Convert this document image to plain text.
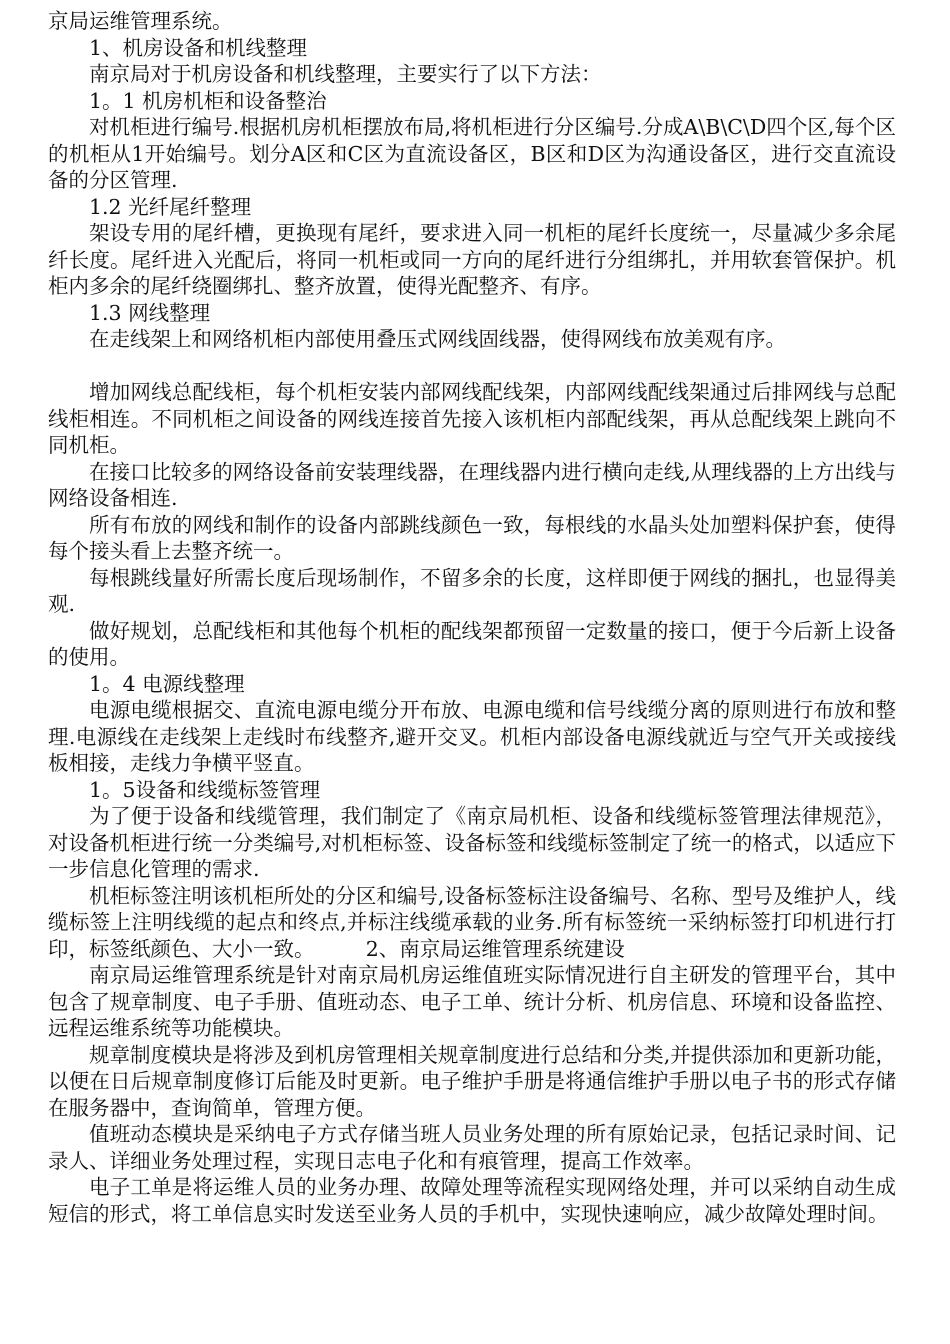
京局运维管理系统。

1、机房设备和机线整理

南京局对于机房设备和机线整理，主要实行了以下方法：

1。1 机房机柜和设备整治

对机柜进行编号.根据机房机柜摆放布局,将机柜进行分区编号.分成A\B\C\D四个区,每个区的机柜从1开始编号。划分A区和C区为直流设备区，B区和D区为沟通设备区，进行交直流设备的分区管理.

1.2 光纤尾纤整理

架设专用的尾纤槽，更换现有尾纤，要求进入同一机柜的尾纤长度统一，尽量减少多余尾纤长度。尾纤进入光配后，将同一机柜或同一方向的尾纤进行分组绑扎，并用软套管保护。机柜内多余的尾纤绕圈绑扎、整齐放置，使得光配整齐、有序。

1.3 网线整理

在走线架上和网络机柜内部使用叠压式网线固线器，使得网线布放美观有序。

增加网线总配线柜，每个机柜安装内部网线配线架，内部网线配线架通过后排网线与总配线柜相连。不同机柜之间设备的网线连接首先接入该机柜内部配线架，再从总配线架上跳向不同机柜。

在接口比较多的网络设备前安装理线器，在理线器内进行横向走线,从理线器的上方出线与网络设备相连.

所有布放的网线和制作的设备内部跳线颜色一致，每根线的水晶头处加塑料保护套，使得每个接头看上去整齐统一。

每根跳线量好所需长度后现场制作，不留多余的长度，这样即便于网线的捆扎，也显得美观.

做好规划，总配线柜和其他每个机柜的配线架都预留一定数量的接口，便于今后新上设备的使用。

1。4 电源线整理

电源电缆根据交、直流电源电缆分开布放、电源电缆和信号线缆分离的原则进行布放和整理.电源线在走线架上走线时布线整齐,避开交叉。机柜内部设备电源线就近与空气开关或接线板相接，走线力争横平竖直。

1。5设备和线缆标签管理

为了便于设备和线缆管理，我们制定了《南京局机柜、设备和线缆标签管理法律规范》，对设备机柜进行统一分类编号,对机柜标签、设备标签和线缆标签制定了统一的格式，以适应下一步信息化管理的需求.

机柜标签注明该机柜所处的分区和编号,设备标签标注设备编号、名称、型号及维护人，线缆标签上注明线缆的起点和终点,并标注线缆承载的业务.所有标签统一采纳标签打印机进行打印，标签纸颜色、大小一致。　　　2、南京局运维管理系统建设

南京局运维管理系统是针对南京局机房运维值班实际情况进行自主研发的管理平台，其中包含了规章制度、电子手册、值班动态、电子工单、统计分析、机房信息、环境和设备监控、远程运维系统等功能模块。

规章制度模块是将涉及到机房管理相关规章制度进行总结和分类,并提供添加和更新功能，以便在日后规章制度修订后能及时更新。电子维护手册是将通信维护手册以电子书的形式存储在服务器中，查询简单，管理方便。

值班动态模块是采纳电子方式存储当班人员业务处理的所有原始记录，包括记录时间、记录人、详细业务处理过程，实现日志电子化和有痕管理，提高工作效率。

电子工单是将运维人员的业务办理、故障处理等流程实现网络处理，并可以采纳自动生成短信的形式，将工单信息实时发送至业务人员的手机中，实现快速响应，减少故障处理时间。
